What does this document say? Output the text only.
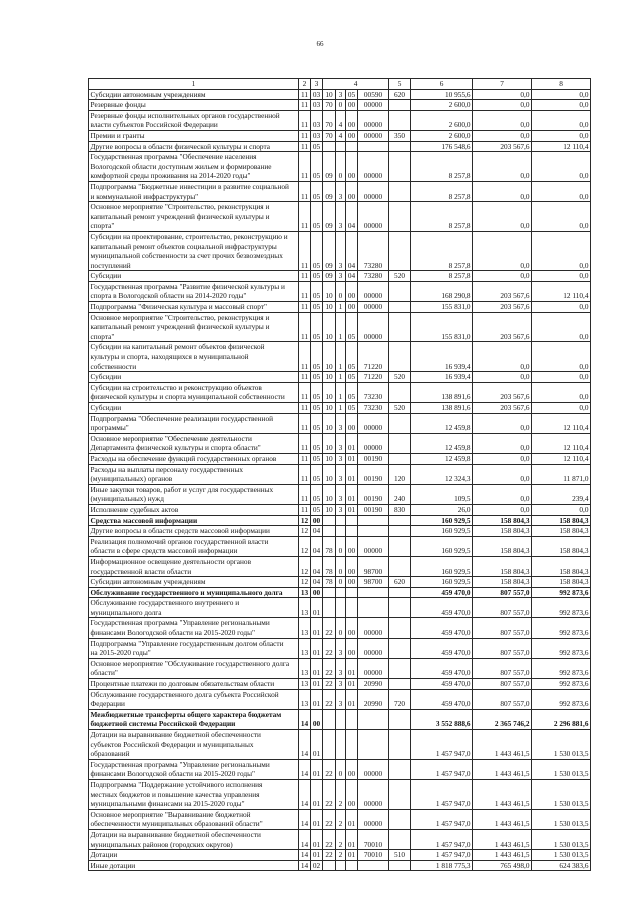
66
1	2	3	4				5	6	7	8
Субсидии автономным учреждениям	11	03	10	3	05	00590	620	10 955,6	0,0	0,0
Резервные фонды	11	03	70	0	00	00000		2 600,0	0,0	0,0
Резервные фонды исполнительных органов государственной
власти субъектов Российской Федерации	11	03	70	4	00	00000		2 600,0	0,0	0,0
Премии и гранты	11	03	70	4	00	00000	350	2 600,0	0,0	0,0
Другие вопросы в области физической культуры и спорта	11	05						176 548,6	203 567,6	12 110,4
Государственная программа "Обеспечение населения
Вологодской области доступным жильем и формирование
комфортной среды проживания на 2014-2020 годы"	11	05	09	0	00	00000		8 257,8	0,0	0,0
Подпрограмма "Бюджетные инвестиции в развитие социальной
и коммунальной инфраструктуры"	11	05	09	3	00	00000		8 257,8	0,0	0,0
Основное мероприятие "Строительство, реконструкция и
капитальный ремонт учреждений физической культуры и
спорта"	11	05	09	3	04	00000		8 257,8	0,0	0,0
Субсидии на проектирование, строительство, реконструкцию и
капитальный ремонт объектов социальной инфраструктуры
муниципальной собственности за счет прочих безвозмездных
поступлений	11	05	09	3	04	73280		8 257,8	0,0	0,0
Субсидии	11	05	09	3	04	73280	520	8 257,8	0,0	0,0
Государственная программа "Развитие физической культуры и
спорта в Вологодской области на 2014-2020 годы"	11	05	10	0	00	00000		168 290,8	203 567,6	12 110,4
Подпрограмма "Физическая культура и массовый спорт"	11	05	10	1	00	00000		155 831,0	203 567,6	0,0
Основное мероприятие "Строительство, реконструкция и
капитальный ремонт учреждений физической культуры и
спорта"	11	05	10	1	05	00000		155 831,0	203 567,6	0,0
Субсидии на капитальный ремонт объектов физической
культуры и спорта, находящихся в муниципальной
собственности	11	05	10	1	05	71220		16 939,4	0,0	0,0
Субсидии	11	05	10	1	05	71220	520	16 939,4	0,0	0,0
Субсидии на строительство и реконструкцию объектов
физической культуры и спорта муниципальной собственности	11	05	10	1	05	73230		138 891,6	203 567,6	0,0
Субсидии	11	05	10	1	05	73230	520	138 891,6	203 567,6	0,0
Подпрограмма "Обеспечение реализации государственной
программы"	11	05	10	3	00	00000		12 459,8	0,0	12 110,4
Основное мероприятие "Обеспечение деятельности
Департамента физической культуры и спорта области"	11	05	10	3	01	00000		12 459,8	0,0	12 110,4
Расходы на обеспечение функций государственных органов	11	05	10	3	01	00190		12 459,8	0,0	12 110,4
Расходы на выплаты персоналу государственных
(муниципальных) органов	11	05	10	3	01	00190	120	12 324,3	0,0	11 871,0
Иные закупки товаров, работ и услуг для государственных
(муниципальных) нужд	11	05	10	3	01	00190	240	109,5	0,0	239,4
Исполнение судебных актов	11	05	10	3	01	00190	830	26,0	0,0	0,0
Средства массовой информации	12	00						160 929,5	158 804,3	158 804,3
Другие вопросы в области средств массовой информации	12	04						160 929,5	158 804,3	158 804,3
Реализация полномочий органов государственной власти
области в сфере средств массовой информации	12	04	78	0	00	00000		160 929,5	158 804,3	158 804,3
Информационное освещение деятельности органов
государственной власти области	12	04	78	0	00	98700		160 929,5	158 804,3	158 804,3
Субсидии автономным учреждениям	12	04	78	0	00	98700	620	160 929,5	158 804,3	158 804,3
Обслуживание государственного и муниципального долга	13	00						459 470,0	807 557,0	992 873,6
Обслуживание государственного внутреннего и
муниципального долга	13	01						459 470,0	807 557,0	992 873,6
Государственная программа "Управление региональными
финансами Вологодской области на 2015-2020 годы"	13	01	22	0	00	00000		459 470,0	807 557,0	992 873,6
Подпрограмма "Управление государственным долгом области
на 2015-2020 годы"	13	01	22	3	00	00000		459 470,0	807 557,0	992 873,6
Основное мероприятие "Обслуживание государственного долга
области"	13	01	22	3	01	00000		459 470,0	807 557,0	992 873,6
Процентные платежи по долговым обязательствам области	13	01	22	3	01	20990		459 470,0	807 557,0	992 873,6
Обслуживание государственного долга субъекта Российской
Федерации	13	01	22	3	01	20990	720	459 470,0	807 557,0	992 873,6
Межбюджетные трансферты общего характера бюджетам
бюджетной системы Российской Федерации	14	00						3 552 888,6	2 365 746,2	2 296 881,6
Дотации на выравнивание бюджетной обеспеченности
субъектов Российской Федерации и муниципальных
образований	14	01						1 457 947,0	1 443 461,5	1 530 013,5
Государственная программа "Управление региональными
финансами Вологодской области на 2015-2020 годы"	14	01	22	0	00	00000		1 457 947,0	1 443 461,5	1 530 013,5
Подпрограмма "Поддержание устойчивого исполнения
местных бюджетов и повышение качества управления
муниципальными финансами на 2015-2020 годы"	14	01	22	2	00	00000		1 457 947,0	1 443 461,5	1 530 013,5
Основное мероприятие "Выравнивание бюджетной
обеспеченности муниципальных образований области"	14	01	22	2	01	00000		1 457 947,0	1 443 461,5	1 530 013,5
Дотации на выравнивание бюджетной обеспеченности
муниципальных районов (городских округов)	14	01	22	2	01	70010		1 457 947,0	1 443 461,5	1 530 013,5
Дотации	14	01	22	2	01	70010	510	1 457 947,0	1 443 461,5	1 530 013,5
Иные дотации	14	02						1 818 775,3	765 498,0	624 383,6
